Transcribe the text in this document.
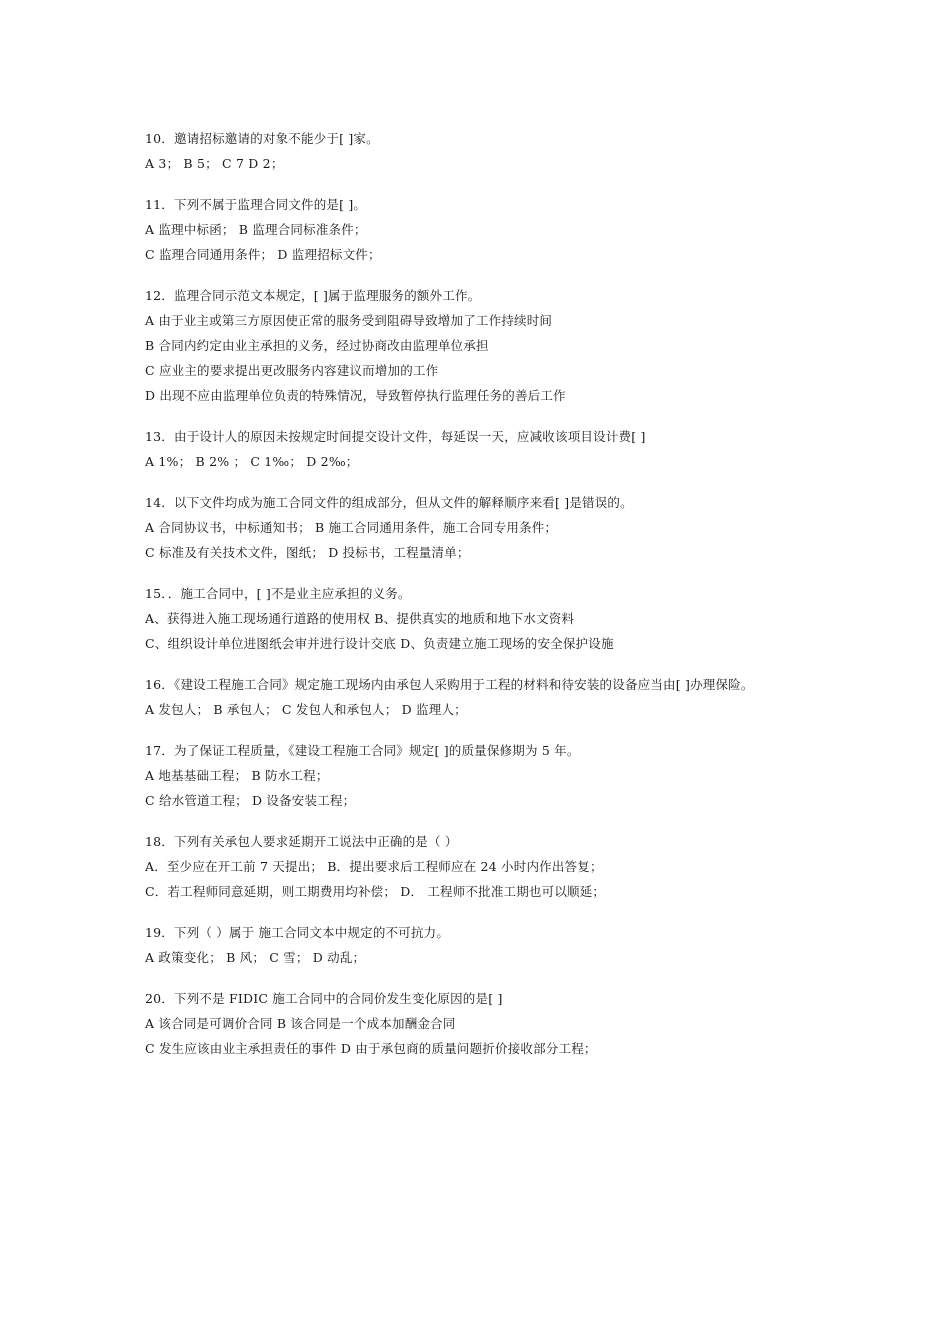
10．邀请招标邀请的对象不能少于[ ]家。
A 3； B 5； C 7 D 2；
11．下列不属于监理合同文件的是[ ]。
A 监理中标函； B 监理合同标准条件；
C 监理合同通用条件； D 监理招标文件；
12．监理合同示范文本规定，[ ]属于监理服务的额外工作。
A 由于业主或第三方原因使正常的服务受到阻碍导致增加了工作持续时间
B 合同内约定由业主承担的义务，经过协商改由监理单位承担
C 应业主的要求提出更改服务内容建议而增加的工作
D 出现不应由监理单位负责的特殊情况，导致暂停执行监理任务的善后工作
13．由于设计人的原因未按规定时间提交设计文件，每延误一天，应减收该项目设计费[ ]
A 1%； B 2% ； C 1‰； D 2‰；
14．以下文件均成为施工合同文件的组成部分，但从文件的解释顺序来看[ ]是错误的。
A 合同协议书，中标通知书； B 施工合同通用条件，施工合同专用条件；
C 标准及有关技术文件，图纸； D 投标书，工程量清单；
15．．施工合同中，[ ]不是业主应承担的义务。
A、获得进入施工现场通行道路的使用权 B、提供真实的地质和地下水文资料
C、组织设计单位进图纸会审并进行设计交底 D、负责建立施工现场的安全保护设施
16．《建设工程施工合同》规定施工现场内由承包人采购用于工程的材料和待安装的设备应当由[ ]办理保险。
A 发包人； B 承包人； C 发包人和承包人； D 监理人；
17．为了保证工程质量，《建设工程施工合同》规定[ ]的质量保修期为 5 年。
A 地基基础工程； B 防水工程；
C 给水管道工程； D 设备安装工程；
18．下列有关承包人要求延期开工说法中正确的是（ ）
A．至少应在开工前 7 天提出； B．提出要求后工程师应在 24 小时内作出答复；
C．若工程师同意延期，则工期费用均补偿； D． 工程师不批准工期也可以顺延；
19．下列（ ）属于 施工合同文本中规定的不可抗力。
A 政策变化； B 风； C 雪； D 动乱；
20．下列不是 FIDIC 施工合同中的合同价发生变化原因的是[ ]
A 该合同是可调价合同 B 该合同是一个成本加酬金合同
C 发生应该由业主承担责任的事件 D 由于承包商的质量问题折价接收部分工程；
